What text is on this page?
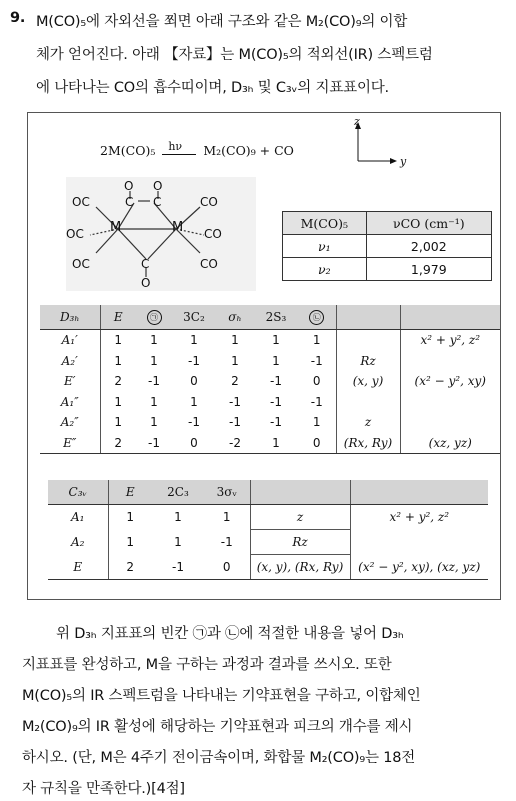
9. M(CO)₅에 자외선을 쬐면 아래 구조와 같은 M₂(CO)₉의 이합
체가 얻어진다. 아래 【자료】는 M(CO)₅의 적외선(IR) 스펙트럼
에 나타나는 CO의 흡수띠이며, D₃ₕ 및 C₃ᵥ의 지표표이다.
2M(CO)₅ hν M₂(CO)₉ + CO
z
y
M	M
OC
OC
OC
CO
CO
CO
C C
C
O O
O
M(CO)₅	νCO (cm⁻¹)
ν₁	2,002
ν₂	1,979
D₃ₕ	E	㉠	3C₂	σₕ	2S₃	㉡		
A₁′	1	1	1	1	1	1		x² + y², z²
A₂′	1	1	-1	1	1	-1	Rz	
E′	2	-1	0	2	-1	0	(x, y)	(x² − y², xy)
A₁″	1	1	1	-1	-1	-1		
A₂″	1	1	-1	-1	-1	1	z	
E″	2	-1	0	-2	1	0	(Rx, Ry)	(xz, yz)
C₃ᵥ	E	2C₃	3σᵥ		
A₁	1	1	1	z	x² + y², z²
A₂	1	1	-1	Rz	
E	2	-1	0	(x, y), (Rx, Ry)	(x² − y², xy), (xz, yz)
위 D₃ₕ 지표표의 빈칸 ㉠과 ㉡에 적절한 내용을 넣어 D₃ₕ
지표표를 완성하고, M을 구하는 과정과 결과를 쓰시오. 또한
M(CO)₅의 IR 스펙트럼을 나타내는 기약표현을 구하고, 이합체인
M₂(CO)₉의 IR 활성에 해당하는 기약표현과 피크의 개수를 제시
하시오. (단, M은 4주기 전이금속이며, 화합물 M₂(CO)₉는 18전
자 규칙을 만족한다.)[4점]
